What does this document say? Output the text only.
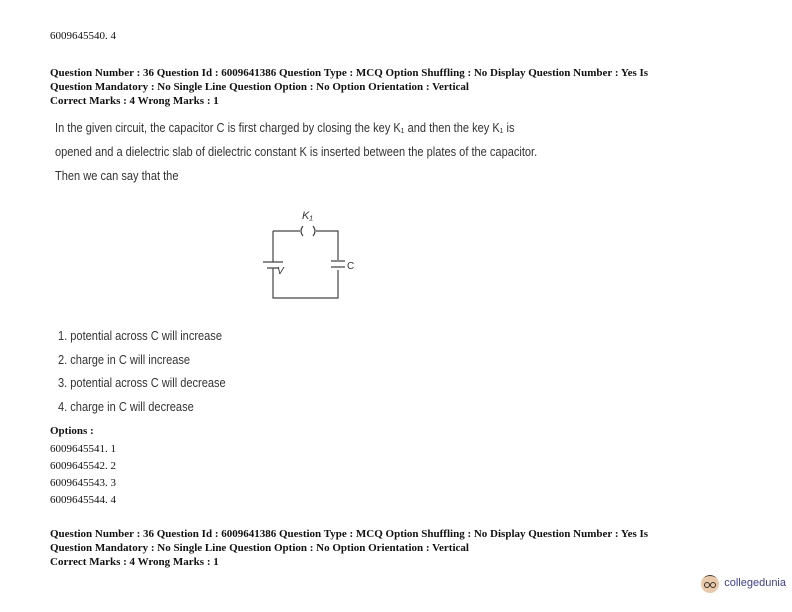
6009645540. 4
Question Number : 36 Question Id : 6009641386 Question Type : MCQ Option Shuffling : No Display Question Number : Yes Is
Question Mandatory : No Single Line Question Option : No Option Orientation : Vertical
Correct Marks : 4 Wrong Marks : 1
In the given circuit, the capacitor C is first charged by closing the key K₁ and then the key K₁ is
opened and a dielectric slab of dielectric constant K is inserted between the plates of the capacitor.
Then we can say that the
K₁
V	C
1. potential across C will increase
2. charge in C will increase
3. potential across C will decrease
4. charge in C will decrease
Options :
6009645541. 1
6009645542. 2
6009645543. 3
6009645544. 4
Question Number : 36 Question Id : 6009641386 Question Type : MCQ Option Shuffling : No Display Question Number : Yes Is
Question Mandatory : No Single Line Question Option : No Option Orientation : Vertical
Correct Marks : 4 Wrong Marks : 1
collegedunia
